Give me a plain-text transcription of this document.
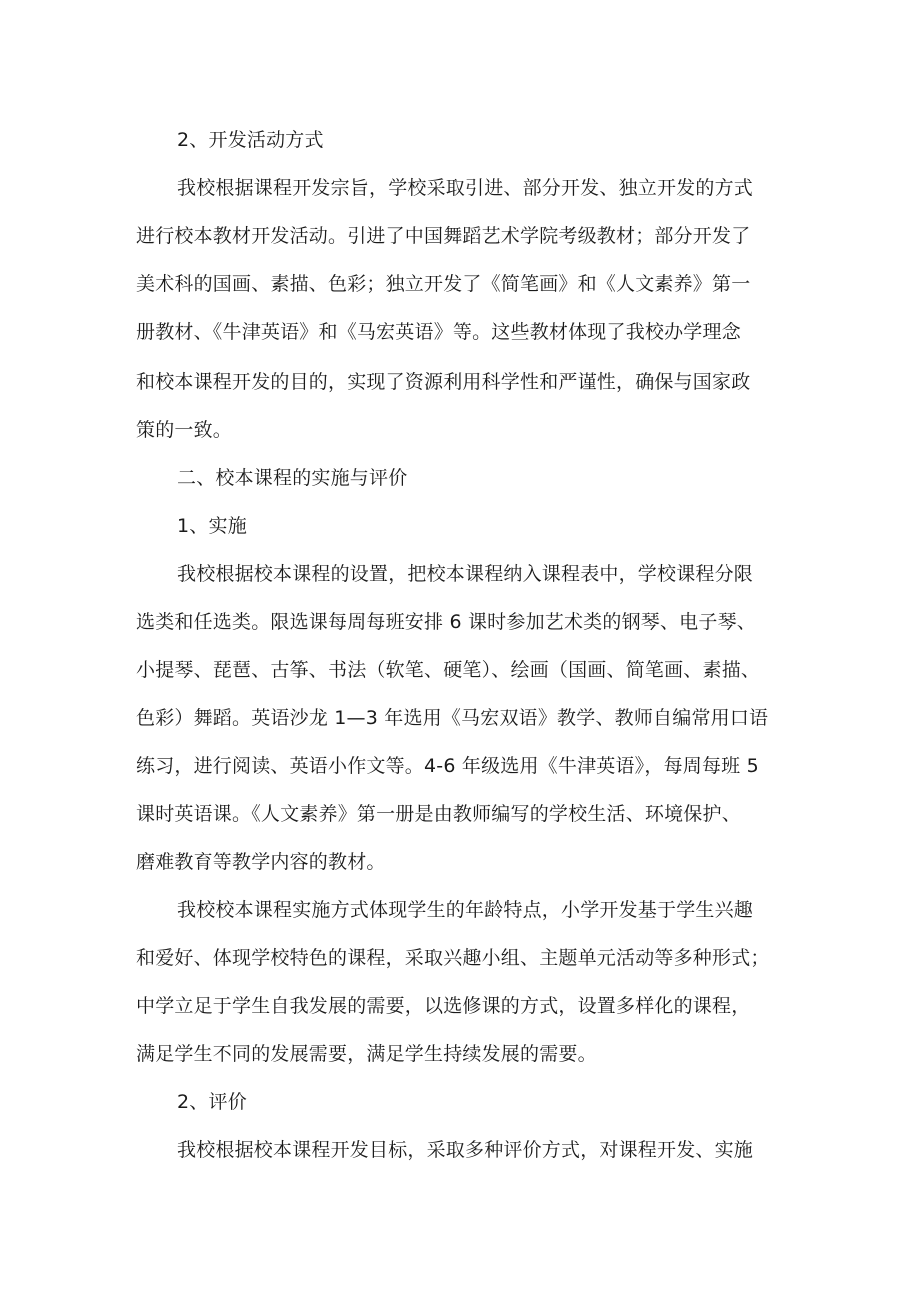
2、开发活动方式
我校根据课程开发宗旨，学校采取引进、部分开发、独立开发的方式
进行校本教材开发活动。引进了中国舞蹈艺术学院考级教材；部分开发了
美术科的国画、素描、色彩；独立开发了《简笔画》和《人文素养》第一
册教材、《牛津英语》和《马宏英语》等。这些教材体现了我校办学理念
和校本课程开发的目的，实现了资源利用科学性和严谨性，确保与国家政
策的一致。
二、校本课程的实施与评价
1、实施
我校根据校本课程的设置，把校本课程纳入课程表中，学校课程分限
选类和任选类。限选课每周每班安排 6 课时参加艺术类的钢琴、电子琴、
小提琴、琵琶、古筝、书法（软笔、硬笔）、绘画（国画、简笔画、素描、
色彩）舞蹈。英语沙龙 1—3 年选用《马宏双语》教学、教师自编常用口语
练习，进行阅读、英语小作文等。4-6 年级选用《牛津英语》，每周每班 5
课时英语课。《人文素养》第一册是由教师编写的学校生活、环境保护、
磨难教育等教学内容的教材。
我校校本课程实施方式体现学生的年龄特点，小学开发基于学生兴趣
和爱好、体现学校特色的课程，采取兴趣小组、主题单元活动等多种形式；
中学立足于学生自我发展的需要，以选修课的方式，设置多样化的课程，
满足学生不同的发展需要，满足学生持续发展的需要。
2、评价
我校根据校本课程开发目标，采取多种评价方式，对课程开发、实施
